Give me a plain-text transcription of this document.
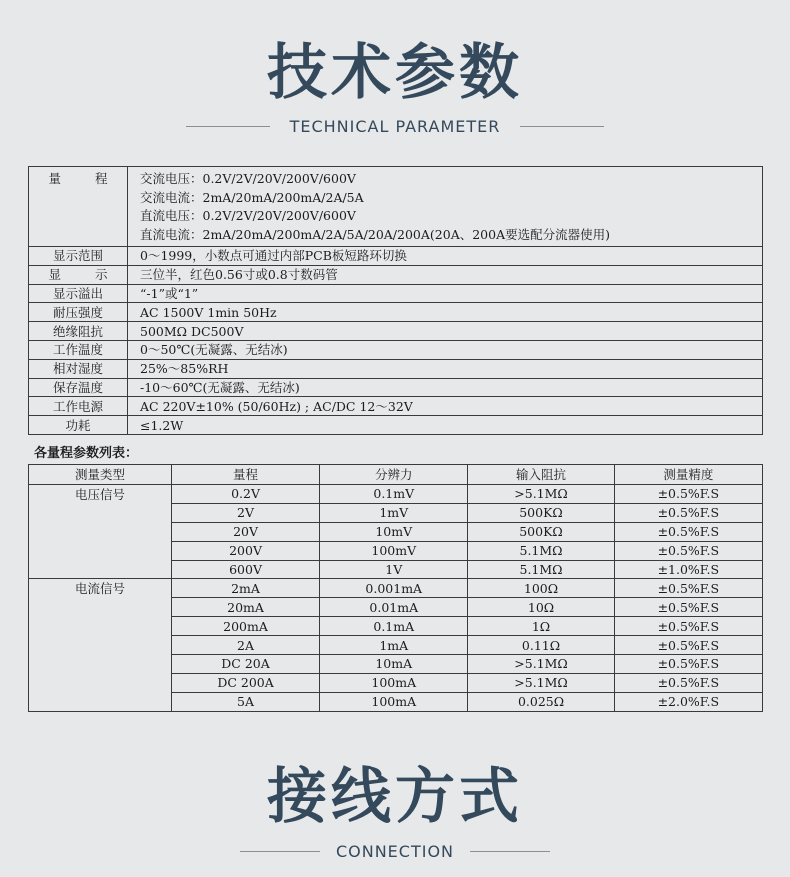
技术参数
TECHNICAL PARAMETER
量 程	交流电压：0.2V/2V/20V/200V/600V
交流电流：2mA/20mA/200mA/2A/5A
直流电压：0.2V/2V/20V/200V/600V
直流电流：2mA/20mA/200mA/2A/5A/20A/200A(20A、200A要选配分流器使用)

显示范围	0～1999，小数点可通过内部PCB板短路环切换
显 示	三位半，红色0.56寸或0.8寸数码管
显示溢出	“-1”或“1”
耐压强度	AC 1500V 1min 50Hz
绝缘阻抗	500MΩ DC500V
工作温度	0～50℃(无凝露、无结冰)
相对湿度	25%～85%RH
保存温度	-10～60℃(无凝露、无结冰)
工作电源	AC 220V±10% (50/60Hz) ; AC/DC 12～32V
功耗	≤1.2W
各量程参数列表：
测量类型	量程	分辨力	输入阻抗	测量精度
电压信号	0.2V	0.1mV	>5.1MΩ	±0.5%F.S
	2V	1mV	500KΩ	±0.5%F.S
	20V	10mV	500KΩ	±0.5%F.S
	200V	100mV	5.1MΩ	±0.5%F.S
	600V	1V	5.1MΩ	±1.0%F.S
电流信号	2mA	0.001mA	100Ω	±0.5%F.S
	20mA	0.01mA	10Ω	±0.5%F.S
	200mA	0.1mA	1Ω	±0.5%F.S
	2A	1mA	0.11Ω	±0.5%F.S
	DC 20A	10mA	>5.1MΩ	±0.5%F.S
	DC 200A	100mA	>5.1MΩ	±0.5%F.S
	5A	100mA	0.025Ω	±2.0%F.S
接线方式
CONNECTION
